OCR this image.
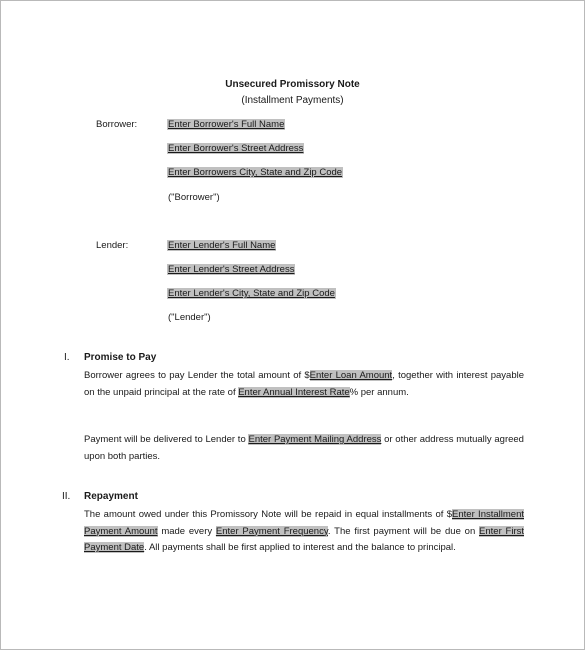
Unsecured Promissory Note
(Installment Payments)
Borrower:	Enter Borrower's Full Name
Enter Borrower's Street Address
Enter Borrowers City, State and Zip Code
("Borrower")
Lender:	Enter Lender's Full Name
Enter Lender's Street Address
Enter Lender's City, State and Zip Code
("Lender")
I. Promise to Pay
Borrower agrees to pay Lender the total amount of $Enter Loan Amount, together with interest payable on the unpaid principal at the rate of Enter Annual Interest Rate% per annum.
Payment will be delivered to Lender to Enter Payment Mailing Address or other address mutually agreed upon both parties.
II. Repayment
The amount owed under this Promissory Note will be repaid in equal installments of $Enter Installment Payment Amount made every Enter Payment Frequency. The first payment will be due on Enter First Payment Date. All payments shall be first applied to interest and the balance to principal.
